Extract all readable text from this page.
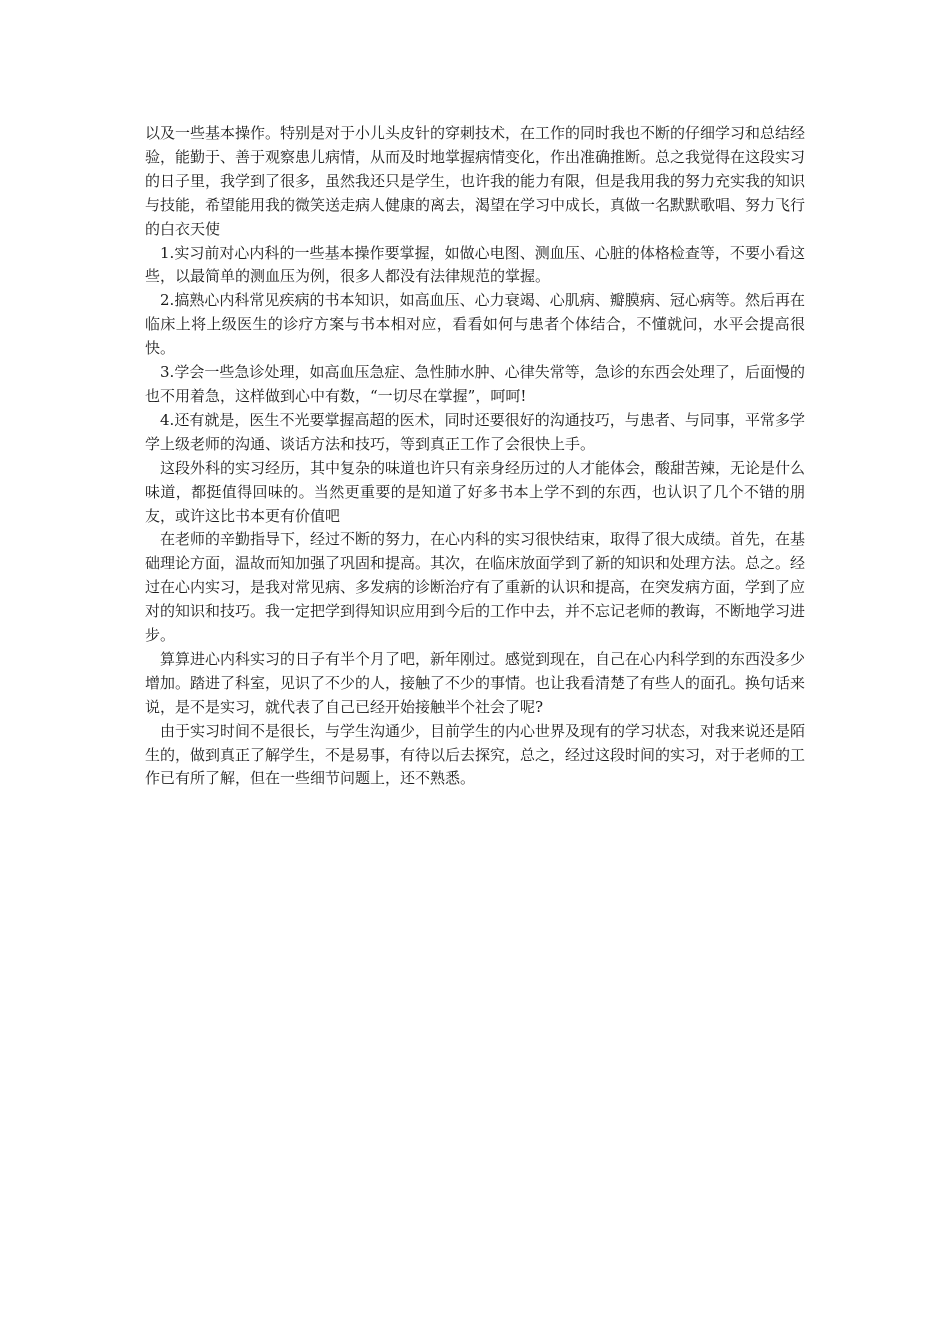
以及一些基本操作。特别是对于小儿头皮针的穿刺技术，在工作的同时我也不断的仔细学习和总结经验，能勤于、善于观察患儿病情，从而及时地掌握病情变化，作出准确推断。总之我觉得在这段实习的日子里，我学到了很多，虽然我还只是学生，也许我的能力有限，但是我用我的努力充实我的知识与技能，希望能用我的微笑送走病人健康的离去，渴望在学习中成长，真做一名默默歌唱、努力飞行的白衣天使

1.实习前对心内科的一些基本操作要掌握，如做心电图、测血压、心脏的体格检查等，不要小看这些，以最简单的测血压为例，很多人都没有法律规范的掌握。

2.搞熟心内科常见疾病的书本知识，如高血压、心力衰竭、心肌病、瓣膜病、冠心病等。然后再在临床上将上级医生的诊疗方案与书本相对应，看看如何与患者个体结合，不懂就问，水平会提高很快。

3.学会一些急诊处理，如高血压急症、急性肺水肿、心律失常等，急诊的东西会处理了，后面慢的也不用着急，这样做到心中有数，“一切尽在掌握”，呵呵!

4.还有就是，医生不光要掌握高超的医术，同时还要很好的沟通技巧，与患者、与同事，平常多学学上级老师的沟通、谈话方法和技巧，等到真正工作了会很快上手。

这段外科的实习经历，其中复杂的味道也许只有亲身经历过的人才能体会，酸甜苦辣，无论是什么味道，都挺值得回味的。当然更重要的是知道了好多书本上学不到的东西，也认识了几个不错的朋友，或许这比书本更有价值吧

在老师的辛勤指导下，经过不断的努力，在心内科的实习很快结束，取得了很大成绩。首先，在基础理论方面，温故而知加强了巩固和提高。其次，在临床放面学到了新的知识和处理方法。总之。经过在心内实习，是我对常见病、多发病的诊断治疗有了重新的认识和提高，在突发病方面，学到了应对的知识和技巧。我一定把学到得知识应用到今后的工作中去，并不忘记老师的教诲，不断地学习进步。

算算进心内科实习的日子有半个月了吧，新年刚过。感觉到现在，自己在心内科学到的东西没多少增加。踏进了科室，见识了不少的人，接触了不少的事情。也让我看清楚了有些人的面孔。换句话来说，是不是实习，就代表了自己已经开始接触半个社会了呢?

由于实习时间不是很长，与学生沟通少，目前学生的内心世界及现有的学习状态，对我来说还是陌生的，做到真正了解学生，不是易事，有待以后去探究，总之，经过这段时间的实习，对于老师的工作已有所了解，但在一些细节问题上，还不熟悉。
